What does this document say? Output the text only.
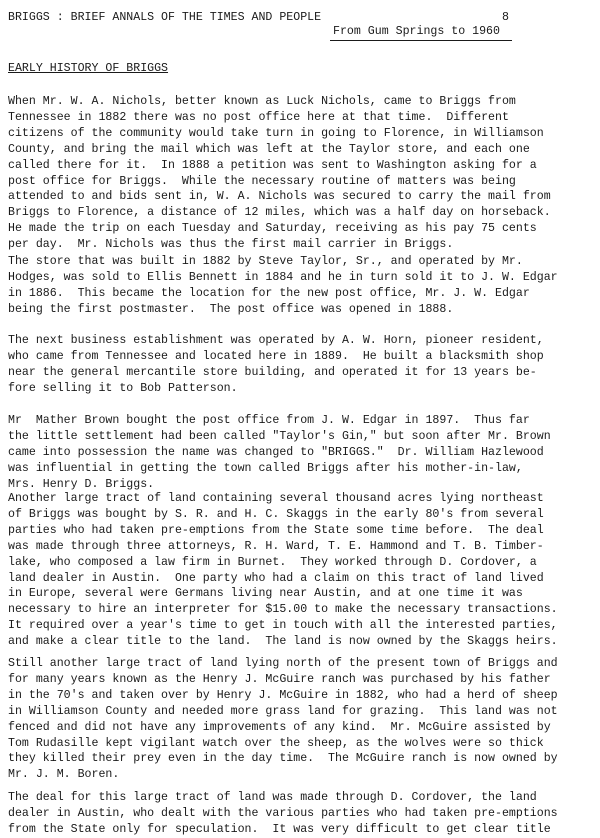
BRIGGS : BRIEF ANNALS OF THE TIMES AND PEOPLE	8
From Gum Springs to 1960
EARLY HISTORY OF BRIGGS

When Mr. W. A. Nichols, better known as Luck Nichols, came to Briggs from
Tennessee in 1882 there was no post office here at that time.  Different
citizens of the community would take turn in going to Florence, in Williamson
County, and bring the mail which was left at the Taylor store, and each one
called there for it.  In 1888 a petition was sent to Washington asking for a
post office for Briggs.  While the necessary routine of matters was being
attended to and bids sent in, W. A. Nichols was secured to carry the mail from
Briggs to Florence, a distance of 12 miles, which was a half day on horseback.
He made the trip on each Tuesday and Saturday, receiving as his pay 75 cents
per day.  Mr. Nichols was thus the first mail carrier in Briggs.

The store that was built in 1882 by Steve Taylor, Sr., and operated by Mr.
Hodges, was sold to Ellis Bennett in 1884 and he in turn sold it to J. W. Edgar
in 1886.  This became the location for the new post office, Mr. J. W. Edgar
being the first postmaster.  The post office was opened in 1888.

The next business establishment was operated by A. W. Horn, pioneer resident,
who came from Tennessee and located here in 1889.  He built a blacksmith shop
near the general mercantile store building, and operated it for 13 years be-
fore selling it to Bob Patterson.

Mr  Mather Brown bought the post office from J. W. Edgar in 1897.  Thus far
the little settlement had been called "Taylor's Gin," but soon after Mr. Brown
came into possession the name was changed to "BRIGGS."  Dr. William Hazlewood
was influential in getting the town called Briggs after his mother-in-law,
Mrs. Henry D. Briggs.

Another large tract of land containing several thousand acres lying northeast
of Briggs was bought by S. R. and H. C. Skaggs in the early 80's from several
parties who had taken pre-emptions from the State some time before.  The deal
was made through three attorneys, R. H. Ward, T. E. Hammond and T. B. Timber-
lake, who composed a law firm in Burnet.  They worked through D. Cordover, a
land dealer in Austin.  One party who had a claim on this tract of land lived
in Europe, several were Germans living near Austin, and at one time it was
necessary to hire an interpreter for $15.00 to make the necessary transactions.
It required over a year's time to get in touch with all the interested parties,
and make a clear title to the land.  The land is now owned by the Skaggs heirs.

Still another large tract of land lying north of the present town of Briggs and
for many years known as the Henry J. McGuire ranch was purchased by his father
in the 70's and taken over by Henry J. McGuire in 1882, who had a herd of sheep
in Williamson County and needed more grass land for grazing.  This land was not
fenced and did not have any improvements of any kind.  Mr. McGuire assisted by
Tom Rudasille kept vigilant watch over the sheep, as the wolves were so thick
they killed their prey even in the day time.  The McGuire ranch is now owned by
Mr. J. M. Boren.

The deal for this large tract of land was made through D. Cordover, the land
dealer in Austin, who dealt with the various parties who had taken pre-emptions
from the State only for speculation.  It was very difficult to get clear title
